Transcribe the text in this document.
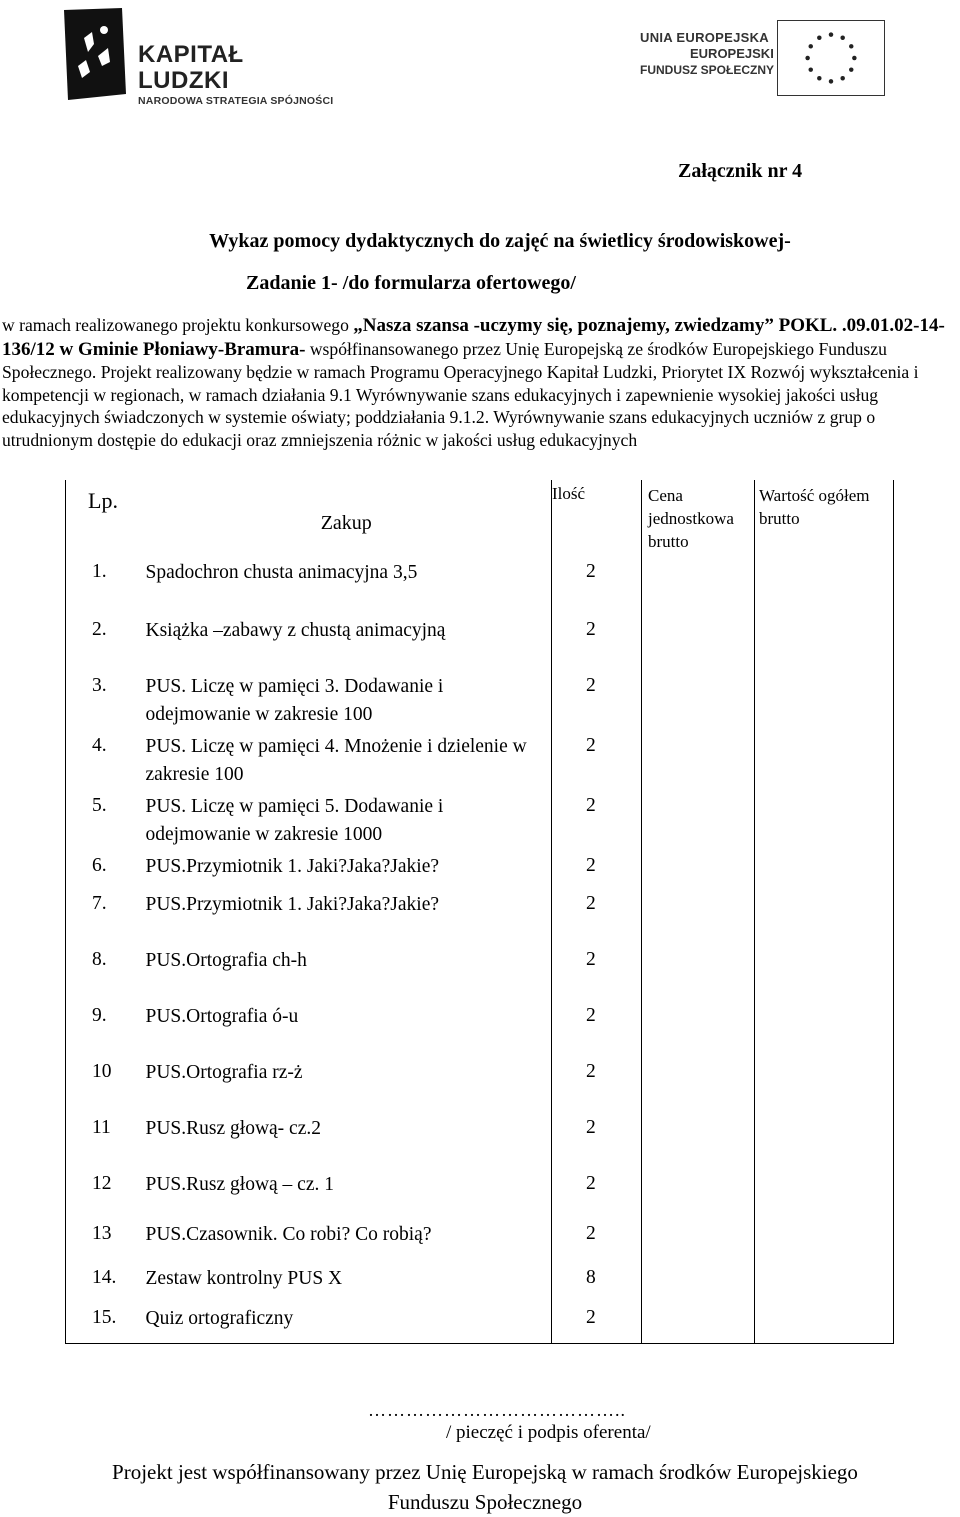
KAPITAŁ LUDZKI
NARODOWA STRATEGIA SPÓJNOŚCI
UNIA EUROPEJSKA
EUROPEJSKI
FUNDUSZ SPOŁECZNY
Załącznik nr 4
Wykaz pomocy dydaktycznych do zajęć na świetlicy środowiskowej-
Zadanie 1- /do formularza ofertowego/
w ramach realizowanego projektu konkursowego „Nasza szansa -uczymy się, poznajemy, zwiedzamy” POKL. .09.01.02-14-136/12 w Gminie Płoniawy-Bramura- współfinansowanego przez Unię Europejską ze środków Europejskiego Funduszu Społecznego. Projekt realizowany będzie w ramach Programu Operacyjnego Kapitał Ludzki, Priorytet IX Rozwój wykształcenia i kompetencji w regionach, w ramach działania 9.1 Wyrównywanie szans edukacyjnych i zapewnienie wysokiej jakości usług edukacyjnych świadczonych w systemie oświaty; poddziałania 9.1.2. Wyrównywanie szans edukacyjnych uczniów z grup o utrudnionym dostępie do edukacji oraz zmniejszenia różnic w jakości usług edukacyjnych
Lp.	Zakup	Ilość	Cena jednostkowa brutto	Wartość ogółem brutto
1.	Spadochron chusta animacyjna 3,5	2		
2.	Książka –zabawy z chustą animacyjną	2		
3.	PUS. Liczę w pamięci 3. Dodawanie i odejmowanie w zakresie 100	2		
4.	PUS. Liczę w pamięci 4. Mnożenie i dzielenie w zakresie 100	2		
5.	PUS. Liczę w pamięci 5. Dodawanie i odejmowanie w zakresie 1000	2		
6.	PUS.Przymiotnik 1. Jaki?Jaka?Jakie?	2		
7.	PUS.Przymiotnik 1. Jaki?Jaka?Jakie?	2		
8.	PUS.Ortografia ch-h	2		
9.	PUS.Ortografia ó-u	2		
10	PUS.Ortografia rz-ż	2		
11	PUS.Rusz głową- cz.2	2		
12	PUS.Rusz głową – cz. 1	2		
13	PUS.Czasownik. Co robi? Co robią?	2		
14.	Zestaw kontrolny PUS X	8		
15.	Quiz ortograficzny	2		
…………………………………..
/ pieczęć i podpis oferenta/
Projekt jest współfinansowany przez Unię Europejską w ramach środków Europejskiego
Funduszu Społecznego
